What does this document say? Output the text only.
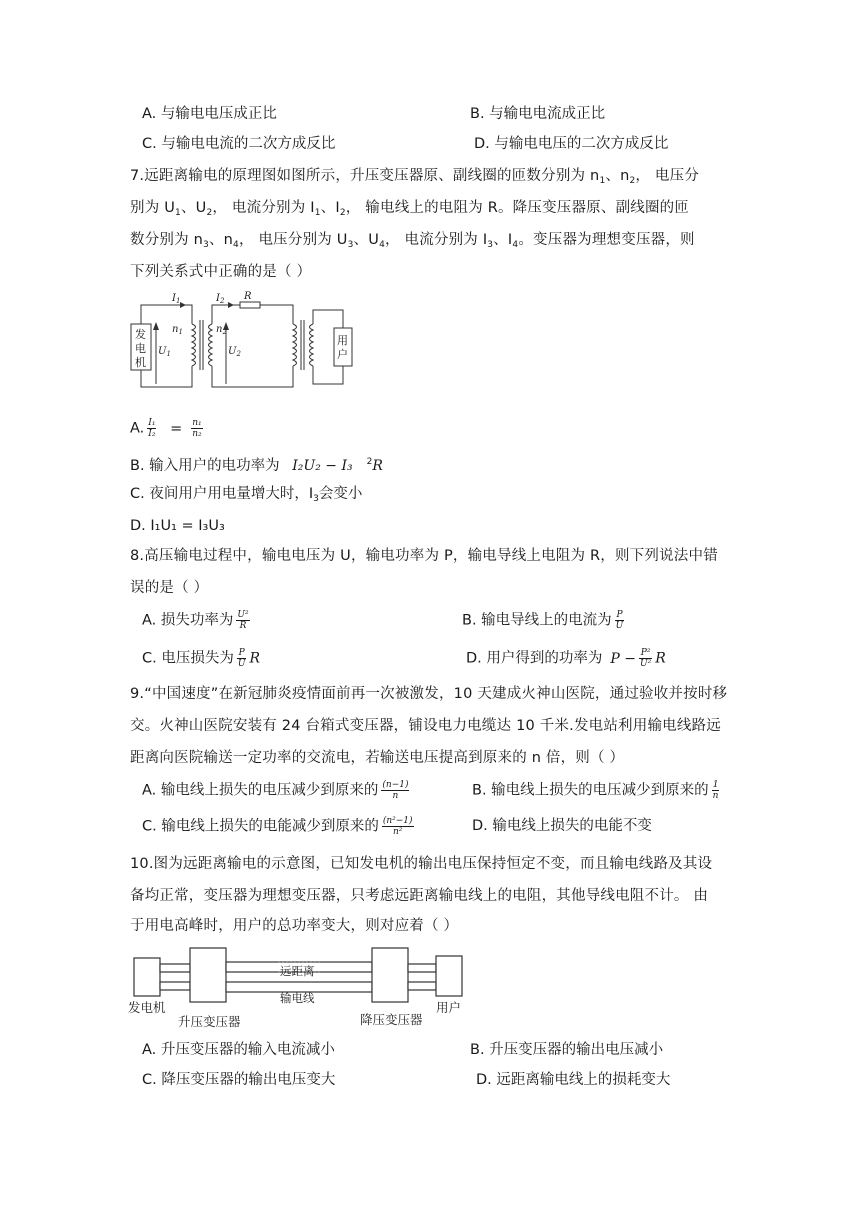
A. 与输电电压成正比	B. 与输电电流成正比
C. 与输电电流的二次方成反比	D. 与输电电压的二次方成反比
7.远距离输电的原理图如图所示，升压变压器原、副线圈的匝数分别为 $n_1$、$n_2$， 电压分
别为 $U_1$、$U_2$， 电流分别为 $I_1$、$I_2$， 输电线上的电阻为 R。降压变压器原、副线圈的匝
数分别为 $n_3$、$n_4$， 电压分别为 $U_3$、$U_4$， 电流分别为 $I_3$、$I_4$。变压器为理想变压器，则
下列关系式中正确的是（ ）
$I_1$	$I_2$ R
$n_1$	$n_2$
$U_1$	$U_2$
发
电
机
用
户
A. $\frac{\text{I₁}}{\text{I₂}} = \frac{\text{n₁}}{\text{n₂}}$
B. 输入用户的电功率为 I₂U₂ − I₃ $^2$R
C. 夜间用户用电量增大时，$I_3$会变小
D. I₁U₁ = I₃U₃
8.高压输电过程中，输电电压为 U，输电功率为 P，输电导线上电阻为 R，则下列说法中错
误的是（ ）
A. 损失功率为 $\frac{\text{U²}}{R}$	B. 输电导线上的电流为 $\frac{P}{U}$
C. 电压损失为 $\frac{P}{U}$ R	D. 用户得到的功率为 $P - \frac{\text{P²}}{\text{U²}}$ R
9.“中国速度”在新冠肺炎疫情面前再一次被激发，10 天建成火神山医院，通过验收并按时移
交。火神山医院安装有 24 台箱式变压器，铺设电力电缆达 10 千米.发电站利用输电线路远
距离向医院输送一定功率的交流电，若输送电压提高到原来的 n 倍，则（ ）
A. 输电线上损失的电压减少到原来的 $\frac{(n-1)}{n}$	B. 输电线上损失的电压减少到原来的 $\frac{1}{n}$
C. 输电线上损失的电能减少到原来的 $\frac{\text{(n²−1)}}{\text{n²}}$	D. 输电线上损失的电能不变
10.图为远距离输电的示意图，已知发电机的输出电压保持恒定不变，而且输电线路及其设
备均正常，变压器为理想变压器，只考虑远距离输电线上的电阻，其他导线电阻不计。 由
于用电高峰时，用户的总功率变大，则对应着（ ）
发电机
升压变压器
远距离
输电线
降压变压器
用户
A. 升压变压器的输入电流减小	B. 升压变压器的输出电压减小
C. 降压变压器的输出电压变大	D. 远距离输电线上的损耗变大
